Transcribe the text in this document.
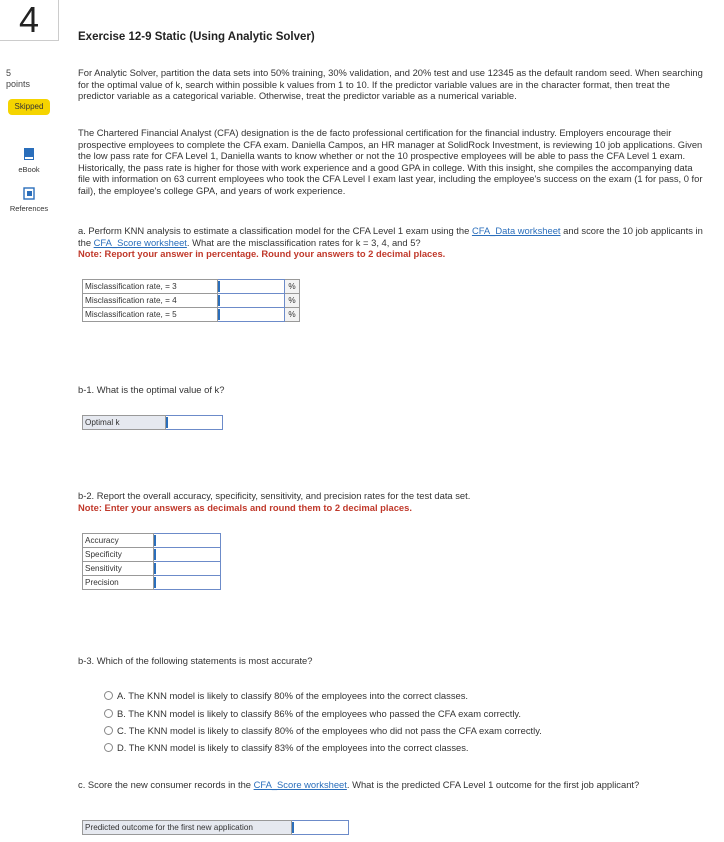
4
5
points
Skipped
eBook
References
Exercise 12-9 Static (Using Analytic Solver)
For Analytic Solver, partition the data sets into 50% training, 30% validation, and 20% test and use 12345 as the default random seed. When searching for the optimal value of k, search within possible k values from 1 to 10. If the predictor variable values are in the character format, then treat the predictor variable as a categorical variable. Otherwise, treat the predictor variable as a numerical variable.
The Chartered Financial Analyst (CFA) designation is the de facto professional certification for the financial industry. Employers encourage their prospective employees to complete the CFA exam. Daniella Campos, an HR manager at SolidRock Investment, is reviewing 10 job applications. Given the low pass rate for CFA Level 1, Daniella wants to know whether or not the 10 prospective employees will be able to pass the CFA Level 1 exam. Historically, the pass rate is higher for those with work experience and a good GPA in college. With this insight, she compiles the accompanying data file with information on 63 current employees who took the CFA Level I exam last year, including the employee's success on the exam (1 for pass, 0 for fail), the employee's college GPA, and years of work experience.
a. Perform KNN analysis to estimate a classification model for the CFA Level 1 exam using the CFA_Data worksheet and score the 10 job applicants in the CFA_Score worksheet. What are the misclassification rates for k = 3, 4, and 5?
Note: Report your answer in percentage. Round your answers to 2 decimal places.
Misclassification rate, = 3		%
Misclassification rate, = 4		%
Misclassification rate, = 5		%
b-1. What is the optimal value of k?
Optimal k	
b-2. Report the overall accuracy, specificity, sensitivity, and precision rates for the test data set.
Note: Enter your answers as decimals and round them to 2 decimal places.
Accuracy	
Specificity	
Sensitivity	
Precision	
b-3. Which of the following statements is most accurate?
A. The KNN model is likely to classify 80% of the employees into the correct classes.
B. The KNN model is likely to classify 86% of the employees who passed the CFA exam correctly.
C. The KNN model is likely to classify 80% of the employees who did not pass the CFA exam correctly.
D. The KNN model is likely to classify 83% of the employees into the correct classes.
c. Score the new consumer records in the CFA_Score worksheet. What is the predicted CFA Level 1 outcome for the first job applicant?
Predicted outcome for the first new application	
